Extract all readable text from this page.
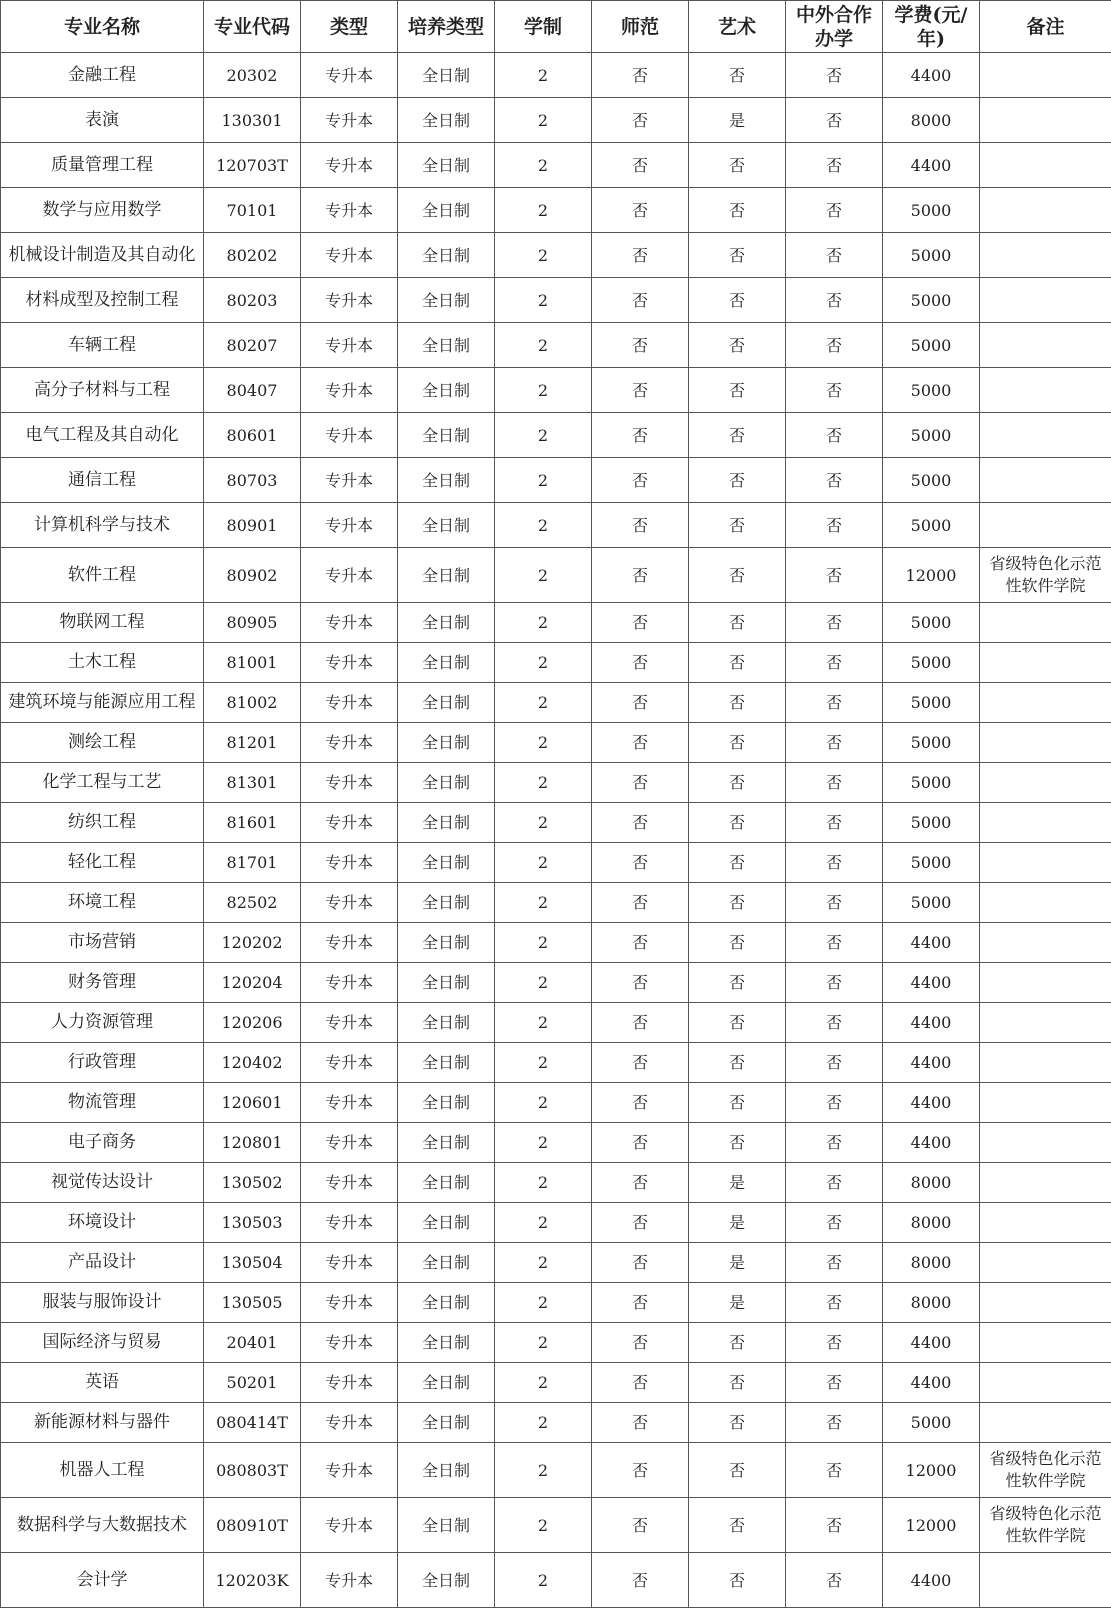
专业名称	专业代码	类型	培养类型	学制	师范	艺术	中外合作办学	学费(元/年)	备注
金融工程	20302	专升本	全日制	2	否	否	否	4400	
表演	130301	专升本	全日制	2	否	是	否	8000	
质量管理工程	120703T	专升本	全日制	2	否	否	否	4400	
数学与应用数学	70101	专升本	全日制	2	否	否	否	5000	
机械设计制造及其自动化	80202	专升本	全日制	2	否	否	否	5000	
材料成型及控制工程	80203	专升本	全日制	2	否	否	否	5000	
车辆工程	80207	专升本	全日制	2	否	否	否	5000	
高分子材料与工程	80407	专升本	全日制	2	否	否	否	5000	
电气工程及其自动化	80601	专升本	全日制	2	否	否	否	5000	
通信工程	80703	专升本	全日制	2	否	否	否	5000	
计算机科学与技术	80901	专升本	全日制	2	否	否	否	5000	
软件工程	80902	专升本	全日制	2	否	否	否	12000	省级特色化示范性软件学院
物联网工程	80905	专升本	全日制	2	否	否	否	5000	
土木工程	81001	专升本	全日制	2	否	否	否	5000	
建筑环境与能源应用工程	81002	专升本	全日制	2	否	否	否	5000	
测绘工程	81201	专升本	全日制	2	否	否	否	5000	
化学工程与工艺	81301	专升本	全日制	2	否	否	否	5000	
纺织工程	81601	专升本	全日制	2	否	否	否	5000	
轻化工程	81701	专升本	全日制	2	否	否	否	5000	
环境工程	82502	专升本	全日制	2	否	否	否	5000	
市场营销	120202	专升本	全日制	2	否	否	否	4400	
财务管理	120204	专升本	全日制	2	否	否	否	4400	
人力资源管理	120206	专升本	全日制	2	否	否	否	4400	
行政管理	120402	专升本	全日制	2	否	否	否	4400	
物流管理	120601	专升本	全日制	2	否	否	否	4400	
电子商务	120801	专升本	全日制	2	否	否	否	4400	
视觉传达设计	130502	专升本	全日制	2	否	是	否	8000	
环境设计	130503	专升本	全日制	2	否	是	否	8000	
产品设计	130504	专升本	全日制	2	否	是	否	8000	
服装与服饰设计	130505	专升本	全日制	2	否	是	否	8000	
国际经济与贸易	20401	专升本	全日制	2	否	否	否	4400	
英语	50201	专升本	全日制	2	否	否	否	4400	
新能源材料与器件	080414T	专升本	全日制	2	否	否	否	5000	
机器人工程	080803T	专升本	全日制	2	否	否	否	12000	省级特色化示范性软件学院
数据科学与大数据技术	080910T	专升本	全日制	2	否	否	否	12000	省级特色化示范性软件学院
会计学	120203K	专升本	全日制	2	否	否	否	4400	
